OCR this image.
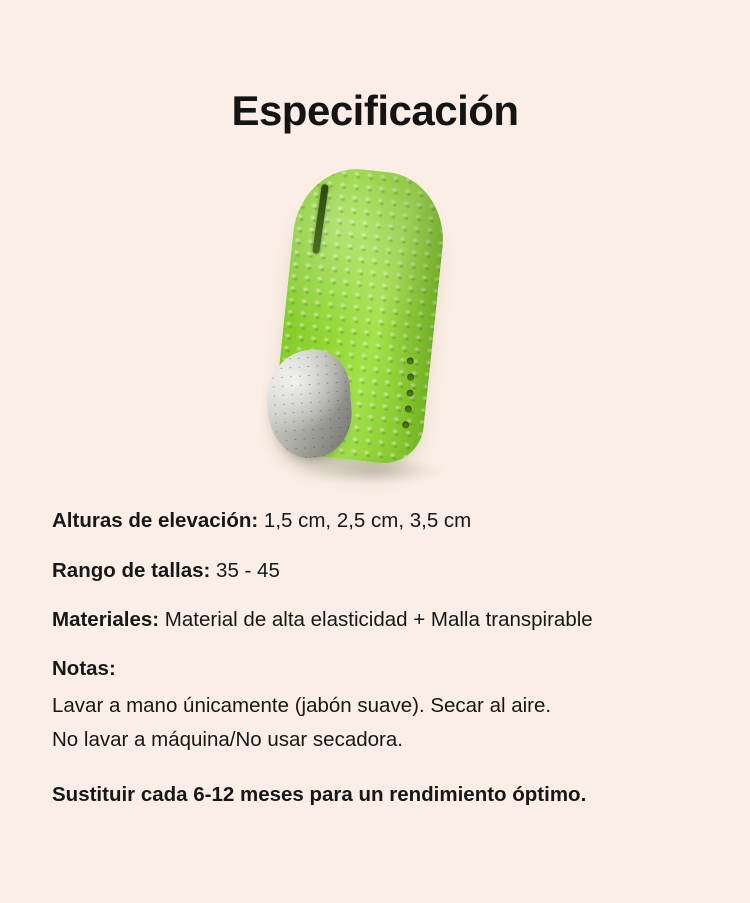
Especificación

Alturas de elevación: 1,5 cm, 2,5 cm, 3,5 cm

Rango de tallas: 35 - 45

Materiales: Material de alta elasticidad + Malla transpirable

Notas:

Lavar a mano únicamente (jabón suave). Secar al aire.

No lavar a máquina/No usar secadora.

Sustituir cada 6-12 meses para un rendimiento óptimo.
